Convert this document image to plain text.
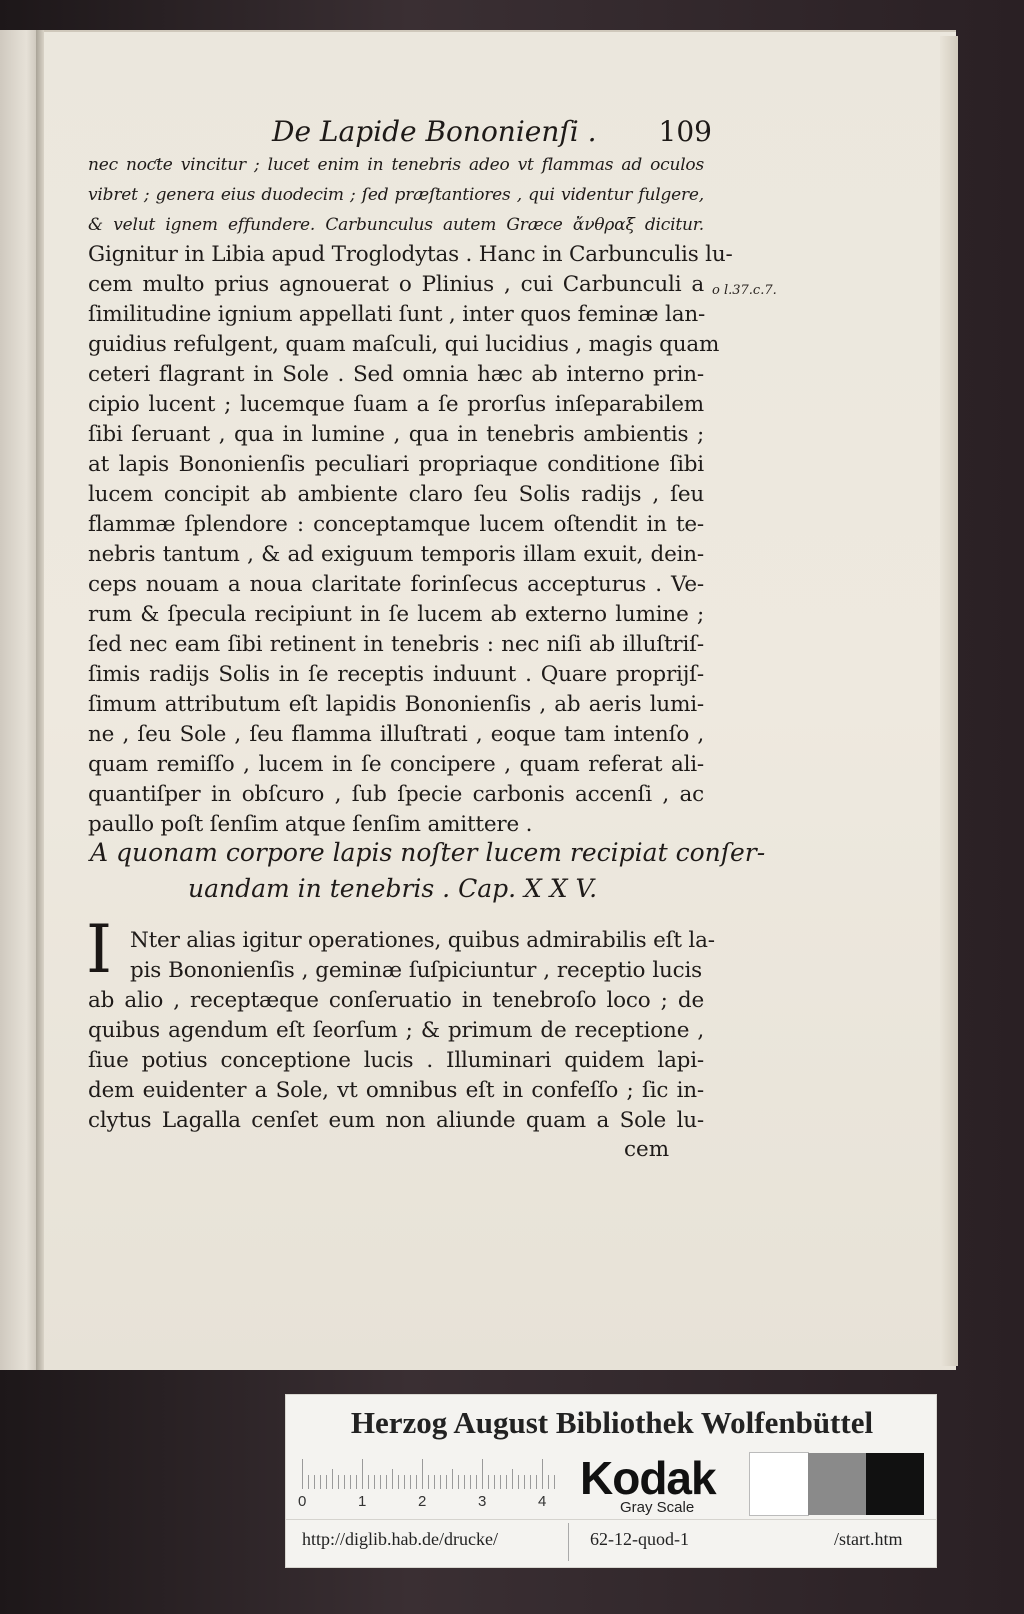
De Lapide Bononienſi . 109
nec noƈte vincitur ; lucet enim in tenebris adeo vt flammas ad oculos
vibret ; genera eius duodecim ; ſed præſtantiores , qui videntur fulgere,
& velut ignem effundere. Carbunculus autem Græce ἄνθραξ dicitur.
Gignitur in Libia apud Troglodytas . Hanc in Carbunculis lu-
cem multo prius agnouerat o Plinius , cui Carbunculi a
ſimilitudine ignium appellati ſunt , inter quos feminæ lan-
guidius refulgent, quam maſculi, qui lucidius , magis quam
ceteri flagrant in Sole . Sed omnia hæc ab interno prin-
cipio lucent ; lucemque ſuam a ſe prorſus inſeparabilem
ſibi ſeruant , qua in lumine , qua in tenebris ambientis ;
at lapis Bononienſis peculiari propriaque conditione ſibi
lucem concipit ab ambiente claro ſeu Solis radijs , ſeu
flammæ ſplendore : conceptamque lucem oſtendit in te-
nebris tantum , & ad exiguum temporis illam exuit, dein-
ceps nouam a noua claritate forinſecus accepturus . Ve-
rum & ſpecula recipiunt in ſe lucem ab externo lumine ;
ſed nec eam ſibi retinent in tenebris : nec niſi ab illuſtriſ-
ſimis radijs Solis in ſe receptis induunt . Quare proprijſ-
ſimum attributum eſt lapidis Bononienſis , ab aeris lumi-
ne , ſeu Sole , ſeu flamma illuſtrati , eoque tam intenſo ,
quam remiſſo , lucem in ſe concipere , quam referat ali-
quantiſper in obſcuro , ſub ſpecie carbonis accenſi , ac
paullo poſt ſenſim atque ſenſim amittere .
o l.37.c.7.
A quonam corpore lapis noſter lucem recipiat conſer-
uandam in tenebris . Cap. X X V.
I Nter alias igitur operationes, quibus admirabilis eſt la-
pis Bononienſis , geminæ ſuſpiciuntur , receptio lucis
ab alio , receptæque conſeruatio in tenebroſo loco ; de
quibus agendum eſt ſeorſum ; & primum de receptione ,
ſiue potius conceptione lucis . Illuminari quidem lapi-
dem euidenter a Sole, vt omnibus eſt in confeſſo ; ſic in-
clytus Lagalla cenſet eum non aliunde quam a Sole lu-
cem
Herzog August Bibliothek Wolfenbüttel
0	1	2	3	4 Kodak
Gray Scale
http://diglib.hab.de/drucke/	62-12-quod-1	/start.htm
